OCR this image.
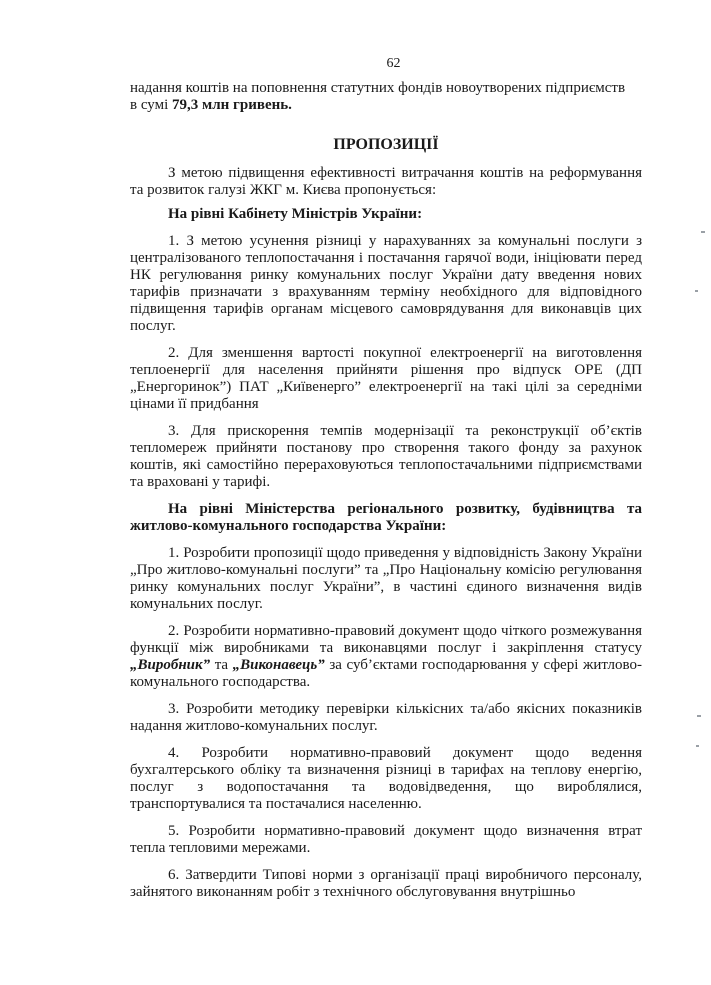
62

надання коштів на поповнення статутних фондів новоутворених підприємств
в сумі 79,3 млн гривень.

ПРОПОЗИЦІЇ

З метою підвищення ефективності витрачання коштів на реформування та розвиток галузі ЖКГ м. Києва пропонується:

На рівні Кабінету Міністрів України:

1. З метою усунення різниці у нарахуваннях за комунальні послуги з централізованого теплопостачання і постачання гарячої води, ініціювати перед НК регулювання ринку комунальних послуг України дату введення нових тарифів призначати з врахуванням терміну необхідного для відповідного підвищення тарифів органам місцевого самоврядування для виконавців цих послуг.

2. Для зменшення вартості покупної електроенергії на виготовлення теплоенергії для населення прийняти рішення про відпуск ОРЕ (ДП „Енергоринок”) ПАТ „Київенерго” електроенергії на такі цілі за середніми цінами її придбання

3. Для прискорення темпів модернізації та реконструкції об’єктів тепломереж прийняти постанову про створення такого фонду за рахунок коштів, які самостійно перераховуються теплопостачальними підприємствами та враховані у тарифі.

На рівні Міністерства регіонального розвитку, будівництва та житлово-комунального господарства України:

1. Розробити пропозиції щодо приведення у відповідність Закону України „Про житлово-комунальні послуги” та „Про Національну комісію регулювання ринку комунальних послуг України”, в частині єдиного визначення видів комунальних послуг.

2. Розробити нормативно-правовий документ щодо чіткого розмежування функції між виробниками та виконавцями послуг і закріплення статусу „Виробник” та „Виконавець” за суб’єктами господарювання у сфері житлово-комунального господарства.

3. Розробити методику перевірки кількісних та/або якісних показників надання житлово-комунальних послуг.

4. Розробити нормативно-правовий документ щодо ведення бухгалтерського обліку та визначення різниці в тарифах на теплову енергію, послуг з водопостачання та водовідведення, що вироблялися, транспортувалися та постачалися населенню.

5. Розробити нормативно-правовий документ щодо визначення втрат тепла тепловими мережами.

6. Затвердити Типові норми з організації праці виробничого персоналу, зайнятого виконанням робіт з технічного обслуговування внутрішньо
